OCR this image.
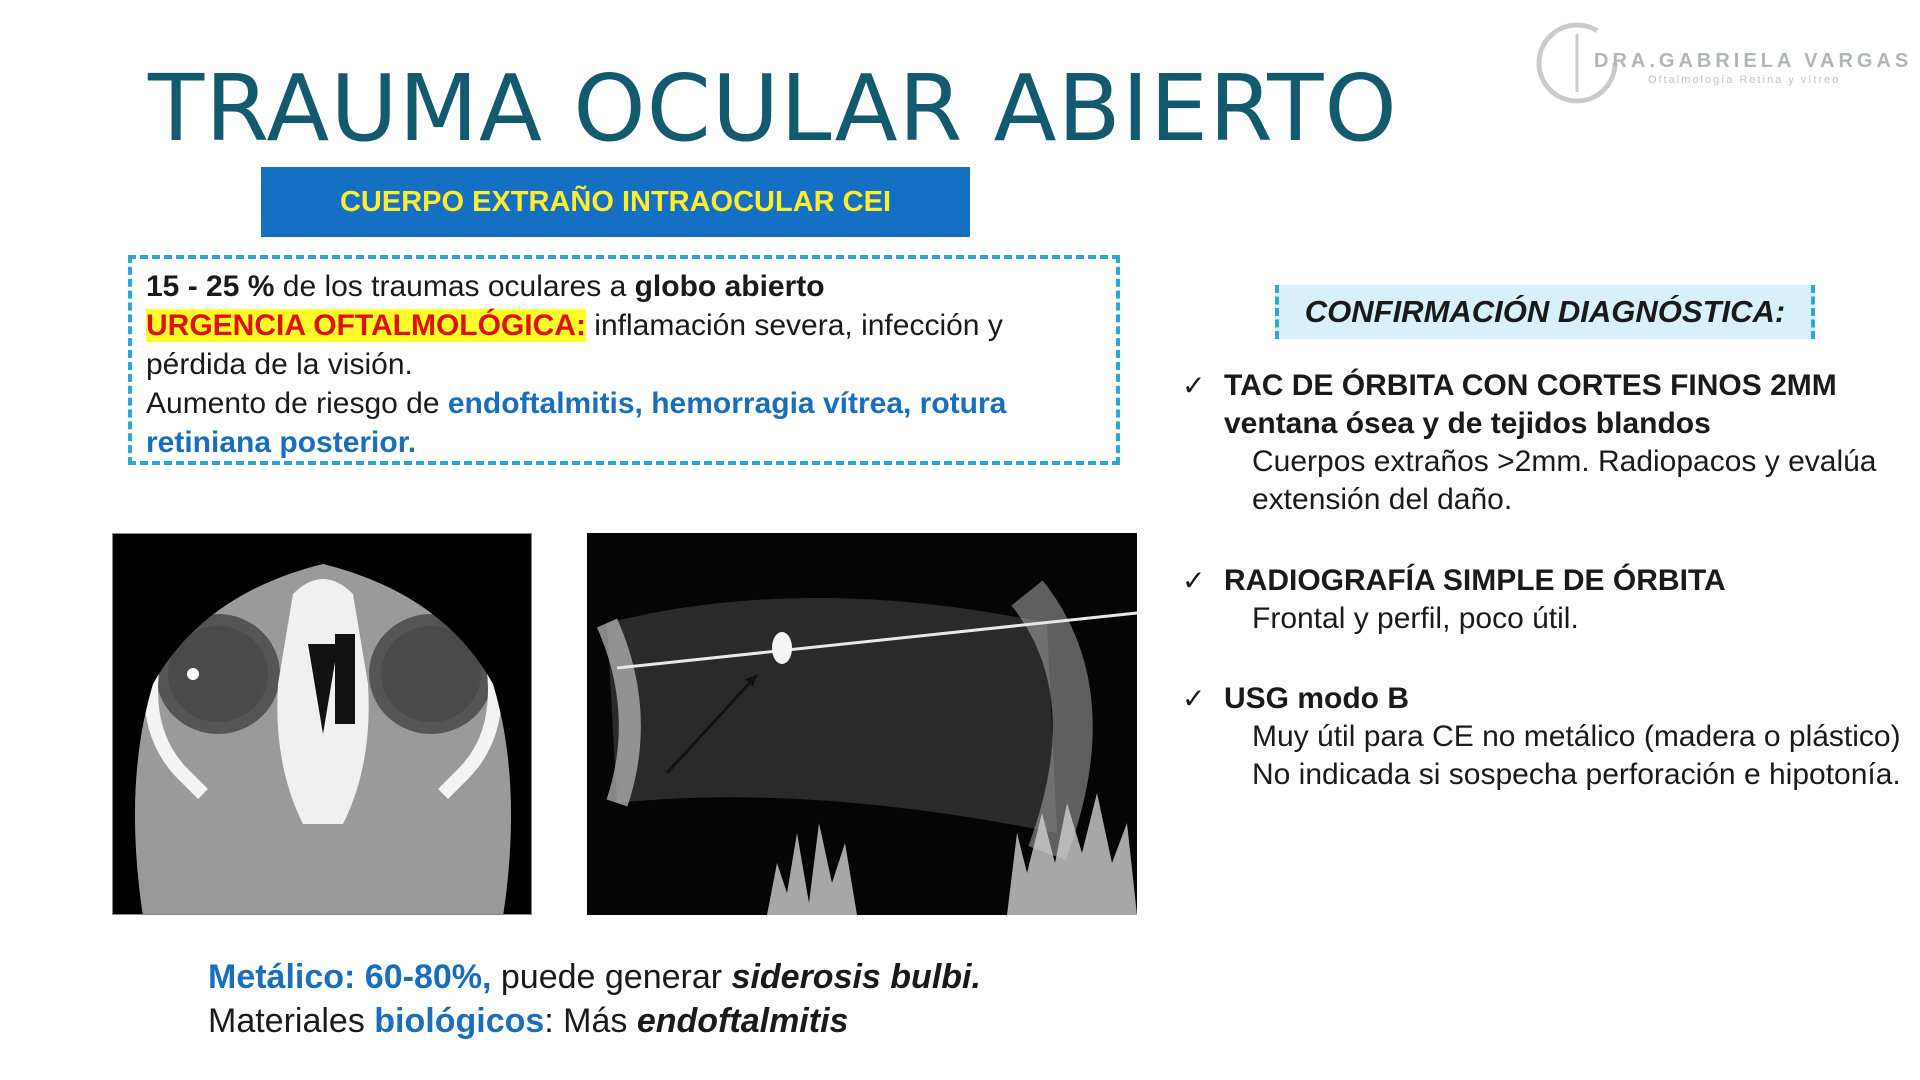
TRAUMA OCULAR ABIERTO	DRA.GABRIELA VARGAS
Oftalmología Retina y vítreo
CUERPO EXTRAÑO INTRAOCULAR CEI

15 - 25 % de los traumas oculares a globo abierto

URGENCIA OFTALMOLÓGICA: inflamación severa, infección y pérdida de la visión.

Aumento de riesgo de endoftalmitis, hemorragia vítrea, rotura retiniana posterior.

Metálico: 60-80%, puede generar siderosis bulbi.

Materiales biológicos: Más endoftalmitis

CONFIRMACIÓN DIAGNÓSTICA:
✓ TAC DE ÓRBITA CON CORTES FINOS 2MM ventana ósea y de tejidos blandos
Cuerpos extraños >2mm. Radiopacos y evalúa extensión del daño.
✓ RADIOGRAFÍA SIMPLE DE ÓRBITA
Frontal y perfil, poco útil.
✓ USG modo B
Muy útil para CE no metálico (madera o plástico)
No indicada si sospecha perforación e hipotonía.
